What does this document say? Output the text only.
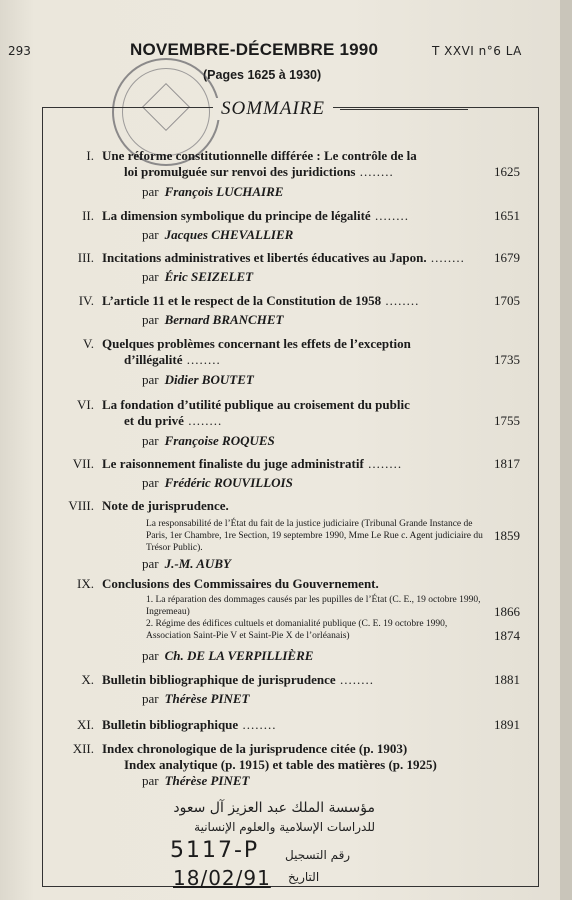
293	T XXVI n°6 LA
NOVEMBRE-DÉCEMBRE 1990
(Pages 1625 à 1930)
SOMMAIRE
I. Une réforme constitutionnelle différée : Le contrôle de la
loi promulguée sur renvoi des juridictions ........	1625
par François LUCHAIRE
II. La dimension symbolique du principe de légalité ........	1651
par Jacques CHEVALLIER
III. Incitations administratives et libertés éducatives au Japon. ........	1679
par Éric SEIZELET
IV. L’article 11 et le respect de la Constitution de 1958 ........	1705
par Bernard BRANCHET
V. Quelques problèmes concernant les effets de l’exception
d’illégalité ........	1735
par Didier BOUTET
VI. La fondation d’utilité publique au croisement du public
et du privé ........	1755
par Françoise ROQUES
VII. Le raisonnement finaliste du juge administratif ........	1817
par Frédéric ROUVILLOIS
VIII. Note de jurisprudence.
La responsabilité de l’État du fait de la justice judiciaire (Tribunal Grande Instance de Paris, 1er Chambre, 1re Section, 19 septembre 1990, Mme Le Rue c. Agent judiciaire du Trésor Public).
1859
par J.-M. AUBY
IX. Conclusions des Commissaires du Gouvernement.
1. La réparation des dommages causés par les pupilles de l’État (C. E., 19 octobre 1990, Ingremeau)	1866
2. Régime des édifices cultuels et domanialité publique (C. E. 19 octobre 1990, Association Saint-Pie V et Saint-Pie X de l’orléanais)	1874
par Ch. DE LA VERPILLIÈRE
X. Bulletin bibliographique de jurisprudence ........	1881
par Thérèse PINET
XI. Bulletin bibliographique ........	1891
XII. Index chronologique de la jurisprudence citée (p. 1903)
Index analytique (p. 1915) et table des matières (p. 1925)
par Thérèse PINET
مؤسسة الملك عبد العزيز آل سعود
للدراسات الإسلامية والعلوم الإنسانية
رقم التسجيل
5117-P
التاريخ
18/02/91
